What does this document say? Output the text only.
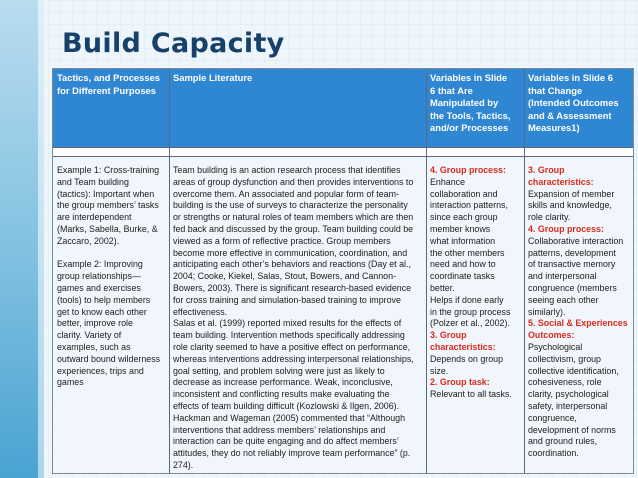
Build Capacity

Tactics, and Processes
for Different Purposes

Sample Literature	Variables in Slide
6 that Are
Manipulated by
the Tools, Tactics,
and/or Processes

Variables in Slide 6
that Change
(Intended Outcomes
and & Assessment
Measures1)

Example 1: Cross-training
and Team building
(tactics): Important when
the group members’ tasks
are interdependent
(Marks, Sabella, Burke, &
Zaccaro, 2002).

Example 2: Improving
group relationships—
games and exercises
(tools) to help members
get to know each other
better, improve role
clarity. Variety of
examples, such as
outward bound wilderness
experiences, trips and
games

Team building is an action research process that identifies
areas of group dysfunction and then provides interventions to
overcome them. An associated and popular form of team-
building is the use of surveys to characterize the personality
or strengths or natural roles of team members which are then
fed back and discussed by the group. Team building could be
viewed as a form of reflective practice. Group members
become more effective in communication, coordination, and
anticipating each other’s behaviors and reactions (Day et al.,
2004; Cooke, Kiekel, Salas, Stout, Bowers, and Cannon-
Bowers, 2003). There is significant research-based evidence
for cross training and simulation-based training to improve
effectiveness.
Salas et al. (1999) reported mixed results for the effects of
team building. Intervention methods specifically addressing
role clarity seemed to have a positive effect on performance,
whereas interventions addressing interpersonal relationships,
goal setting, and problem solving were just as likely to
decrease as increase performance. Weak, inconclusive,
inconsistent and conflicting results make evaluating the
effects of team building difficult (Kozlowski & Ilgen, 2006).
Hackman and Wageman (2005) commented that “Although
interventions that address members’ relationships and
interaction can be quite engaging and do affect members’
attitudes, they do not reliably improve team performance” (p.
274).

4. Group process:
Enhance
collaboration and
interaction patterns,
since each group
member knows
what information
the other members
need and how to
coordinate tasks
better.
Helps if done early
in the group process
(Polzer et al., 2002).
3. Group
characteristics:
Depends on group
size.
2. Group task:
Relevant to all tasks.

3. Group characteristics:
Expansion of member
skills and knowledge,
role clarity.
4. Group process:
Collaborative interaction
patterns, development
of transactive memory
and interpersonal
congruence (members
seeing each other
similarly).
5. Social & Experiences
Outcomes: Psychological
collectivism, group
collective identification,
cohesiveness, role
clarity, psychological
safety, interpersonal
congruence,
development of norms
and ground rules,
coordination.
